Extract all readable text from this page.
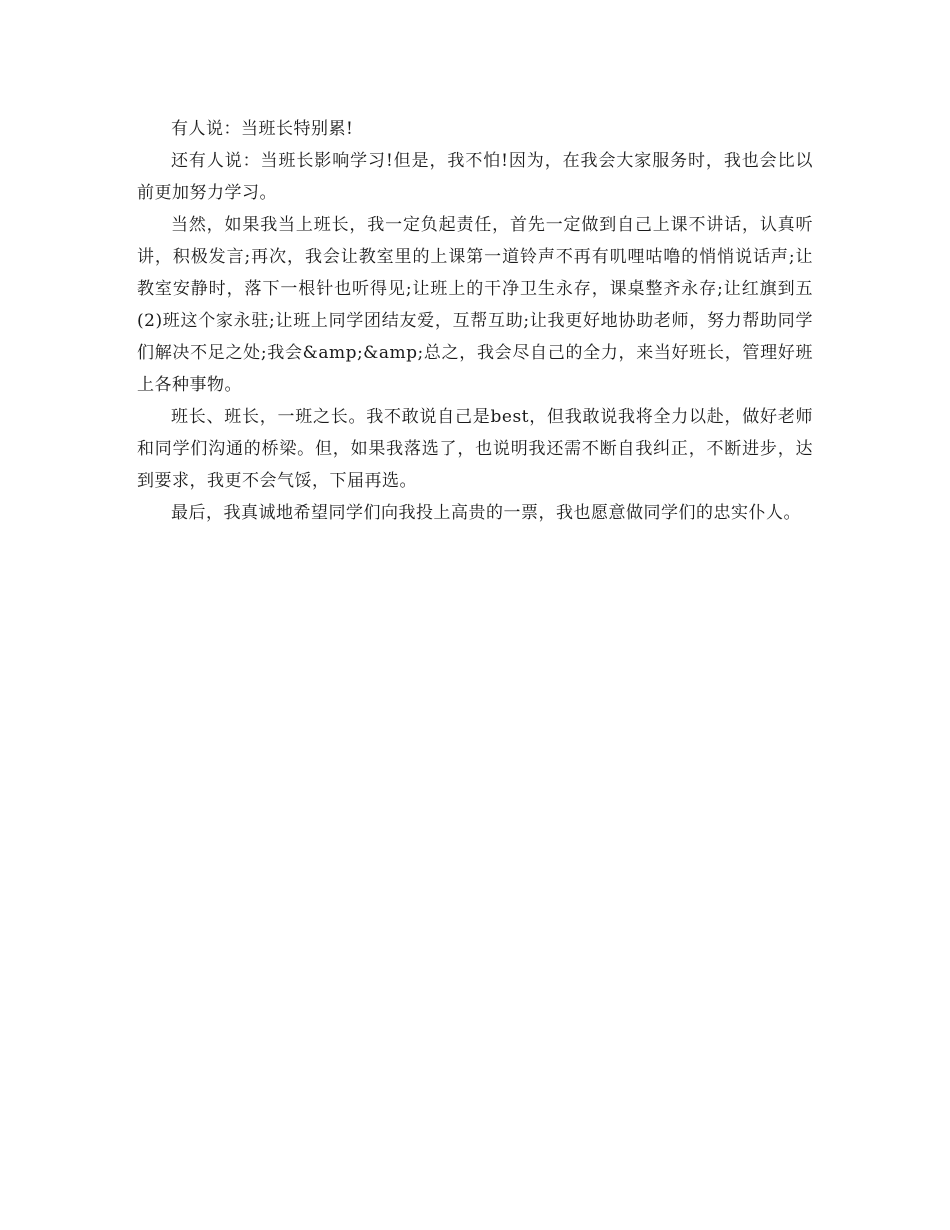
有人说：当班长特别累!

还有人说：当班长影响学习!但是，我不怕!因为，在我会大家服务时，我也会比以前更加努力学习。

当然，如果我当上班长，我一定负起责任，首先一定做到自己上课不讲话，认真听讲，积极发言;再次，我会让教室里的上课第一道铃声不再有叽哩咕噜的悄悄说话声;让教室安静时，落下一根针也听得见;让班上的干净卫生永存，课桌整齐永存;让红旗到五(2)班这个家永驻;让班上同学团结友爱，互帮互助;让我更好地协助老师，努力帮助同学们解决不足之处;我会&amp;&amp;总之，我会尽自己的全力，来当好班长，管理好班上各种事物。

班长、班长，一班之长。我不敢说自己是best，但我敢说我将全力以赴，做好老师和同学们沟通的桥梁。但，如果我落选了，也说明我还需不断自我纠正，不断进步，达到要求，我更不会气馁，下届再选。

最后，我真诚地希望同学们向我投上高贵的一票，我也愿意做同学们的忠实仆人。
